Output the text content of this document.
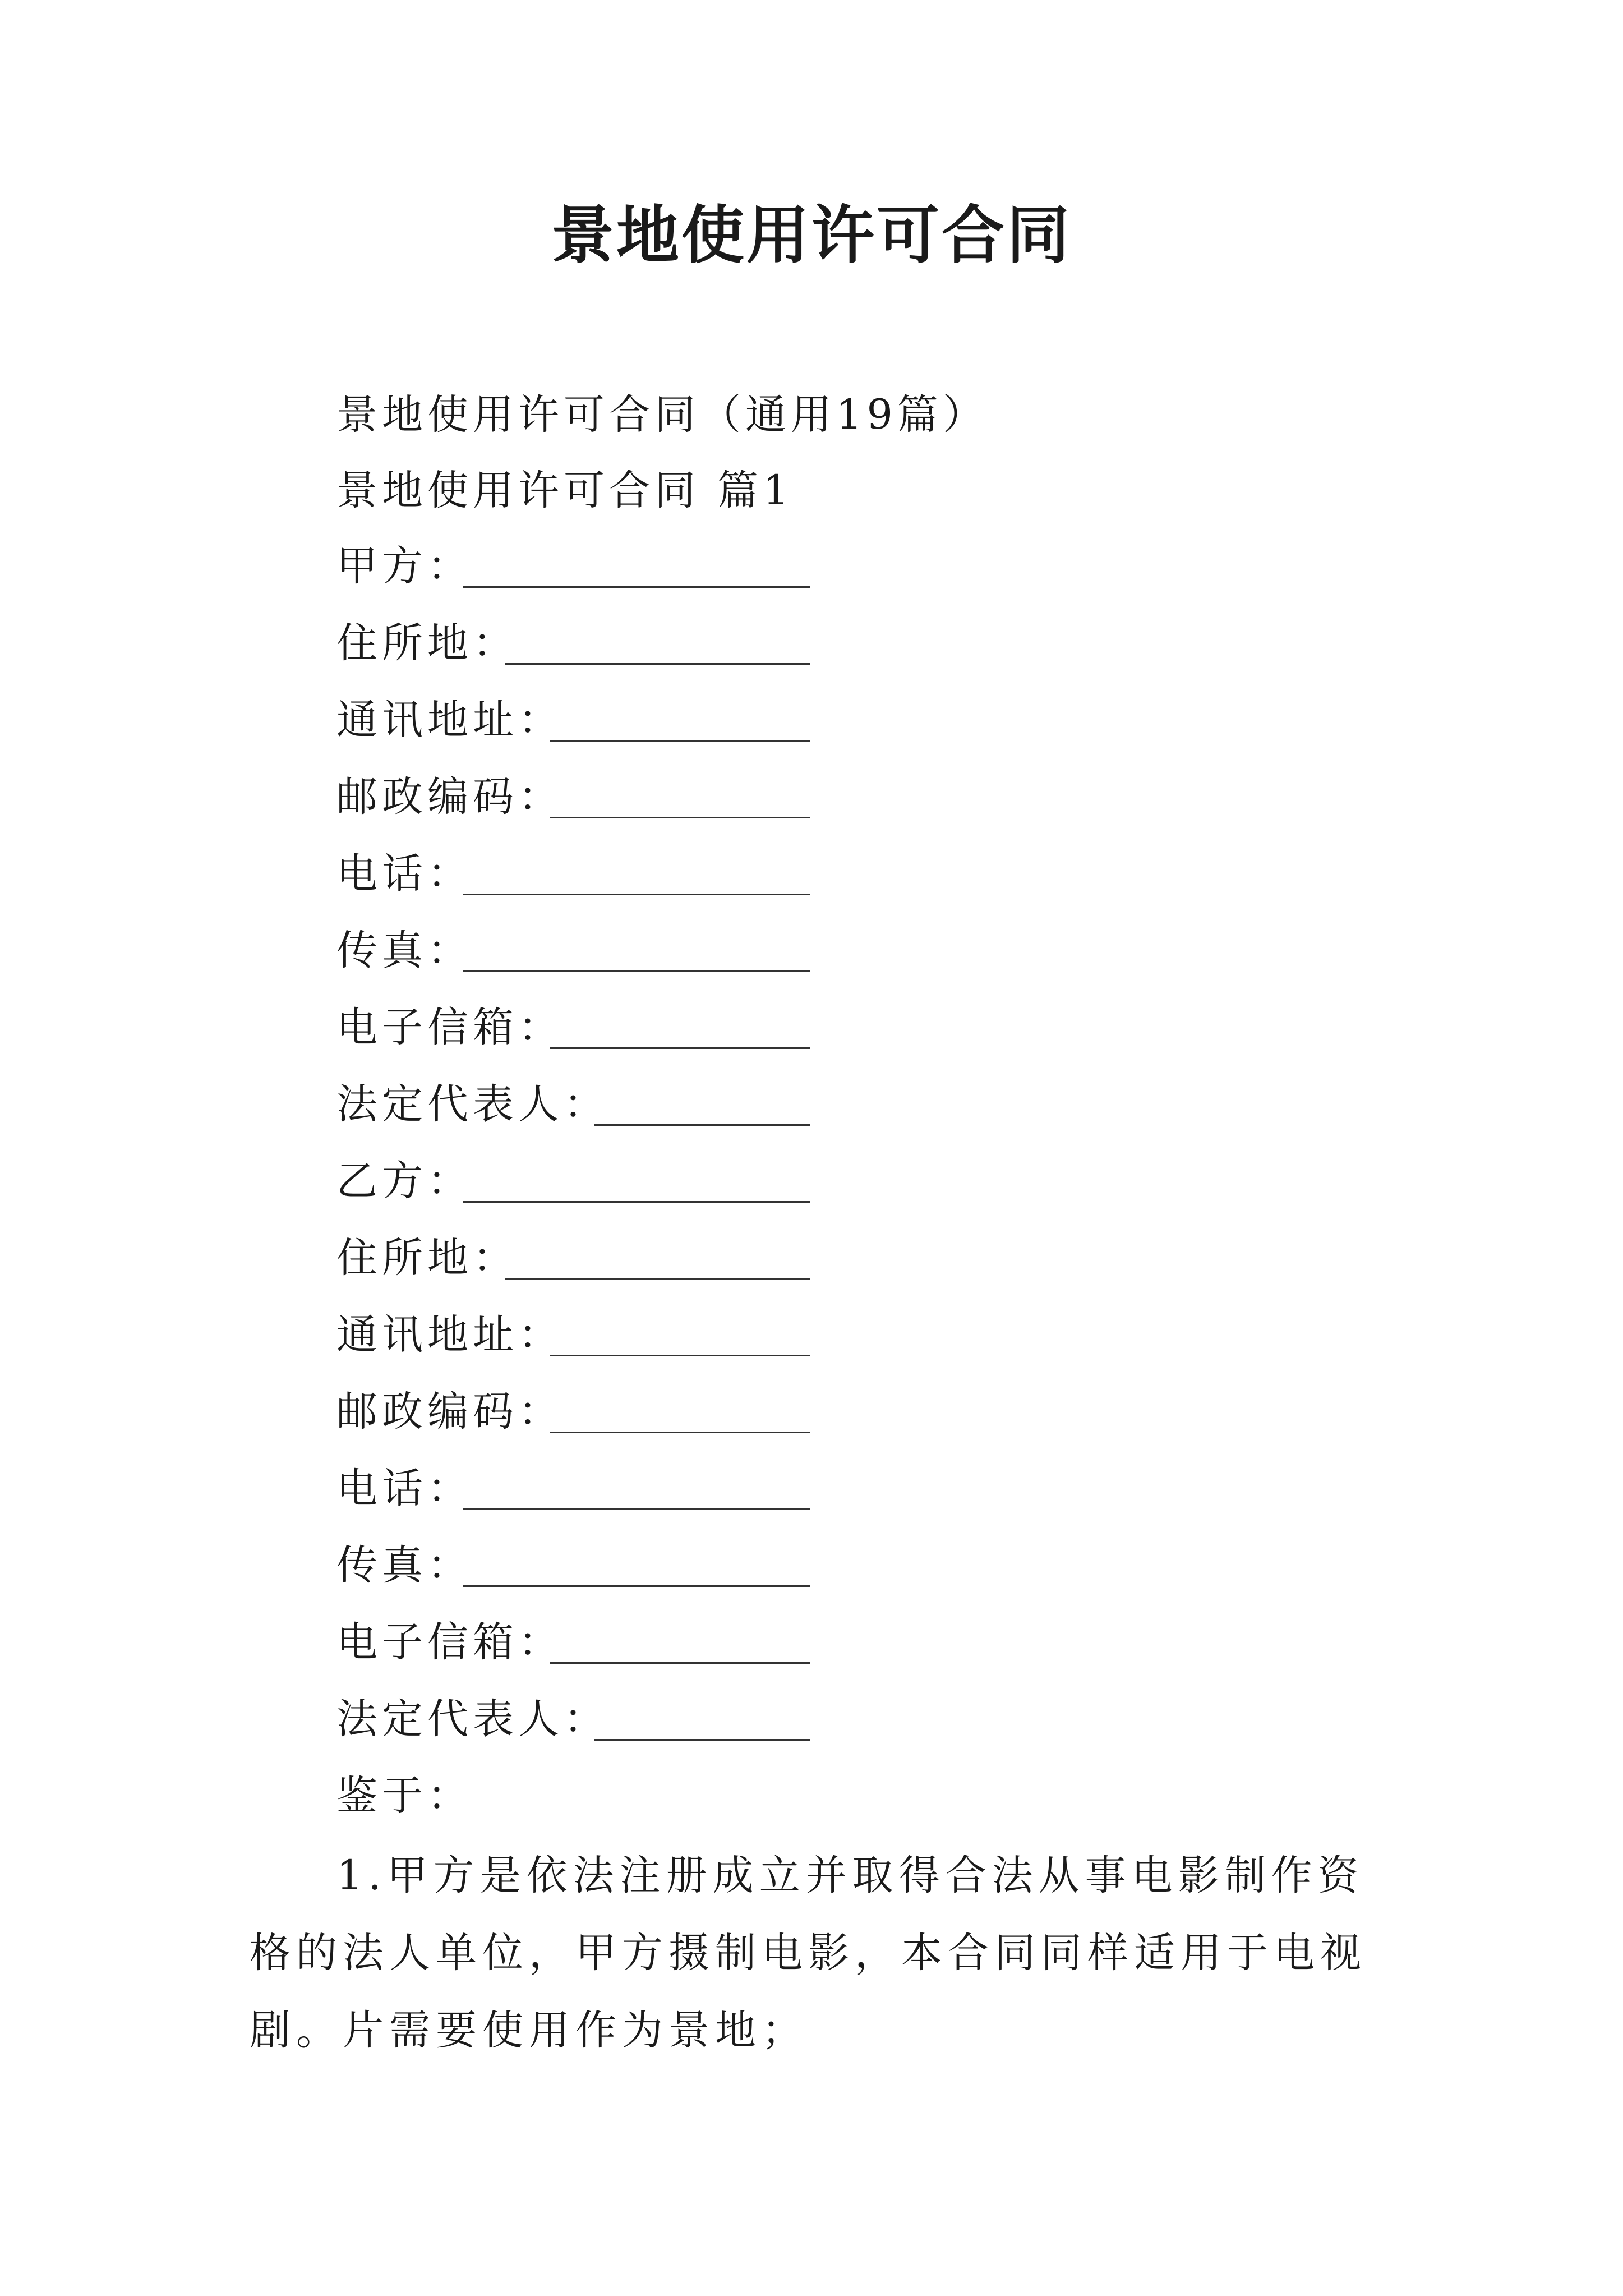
景地使用许可合同
景地使用许可合同（通用19篇）
景地使用许可合同 篇1
甲方：
住所地：
通讯地址：
邮政编码：
电话：
传真：
电子信箱：
法定代表人：
乙方：
住所地：
通讯地址：
邮政编码：
电话：
传真：
电子信箱：
法定代表人：
鉴于：

1.甲方是依法注册成立并取得合法从事电影制作资格的法人单位，甲方摄制电影，本合同同样适用于电视剧。片需要使用作为景地；
